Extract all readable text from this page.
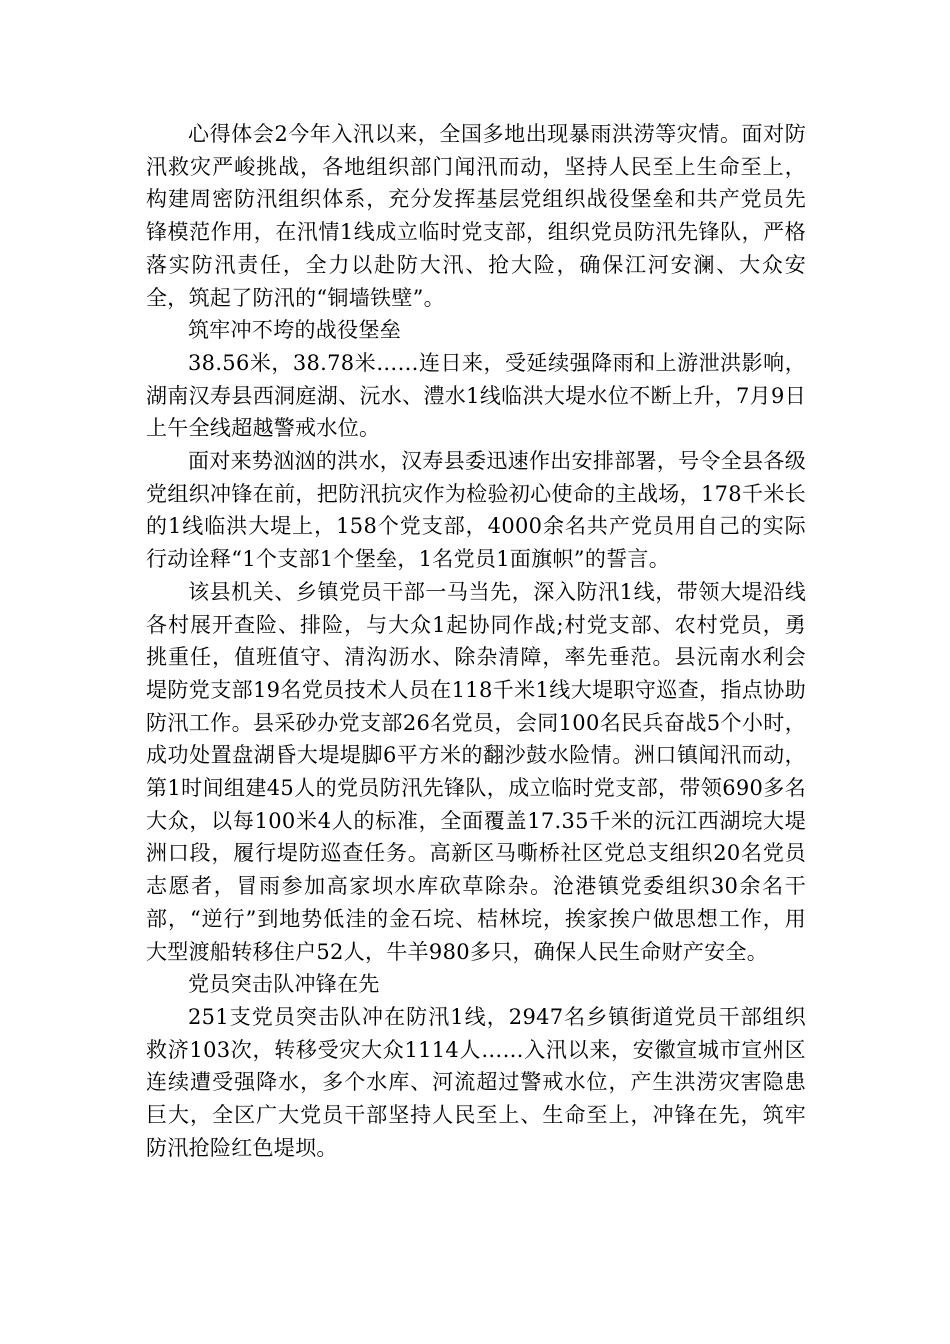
心得体会2今年入汛以来，全国多地出现暴雨洪涝等灾情。面对防汛救灾严峻挑战，各地组织部门闻汛而动，坚持人民至上生命至上，构建周密防汛组织体系，充分发挥基层党组织战役堡垒和共产党员先锋模范作用，在汛情1线成立临时党支部，组织党员防汛先锋队，严格落实防汛责任，全力以赴防大汛、抢大险，确保江河安澜、大众安全，筑起了防汛的“铜墙铁壁”。

筑牢冲不垮的战役堡垒

38.56米，38.78米……连日来，受延续强降雨和上游泄洪影响，湖南汉寿县西洞庭湖、沅水、澧水1线临洪大堤水位不断上升，7月9日上午全线超越警戒水位。

面对来势汹汹的洪水，汉寿县委迅速作出安排部署，号令全县各级党组织冲锋在前，把防汛抗灾作为检验初心使命的主战场，178千米长的1线临洪大堤上，158个党支部，4000余名共产党员用自己的实际行动诠释“1个支部1个堡垒，1名党员1面旗帜”的誓言。

该县机关、乡镇党员干部一马当先，深入防汛1线，带领大堤沿线各村展开查险、排险，与大众1起协同作战;村党支部、农村党员，勇挑重任，值班值守、清沟沥水、除杂清障，率先垂范。县沅南水利会堤防党支部19名党员技术人员在118千米1线大堤职守巡查，指点协助防汛工作。县采砂办党支部26名党员，会同100名民兵奋战5个小时，成功处置盘湖昏大堤堤脚6平方米的翻沙鼓水险情。洲口镇闻汛而动，第1时间组建45人的党员防汛先锋队，成立临时党支部，带领690多名大众，以每100米4人的标准，全面覆盖17.35千米的沅江西湖垸大堤洲口段，履行堤防巡查任务。高新区马嘶桥社区党总支组织20名党员志愿者，冒雨参加高家坝水库砍草除杂。沧港镇党委组织30余名干部，“逆行”到地势低洼的金石垸、桔林垸，挨家挨户做思想工作，用大型渡船转移住户52人，牛羊980多只，确保人民生命财产安全。

党员突击队冲锋在先

251支党员突击队冲在防汛1线，2947名乡镇街道党员干部组织救济103次，转移受灾大众1114人……入汛以来，安徽宣城市宣州区连续遭受强降水，多个水库、河流超过警戒水位，产生洪涝灾害隐患巨大，全区广大党员干部坚持人民至上、生命至上，冲锋在先，筑牢防汛抢险红色堤坝。
